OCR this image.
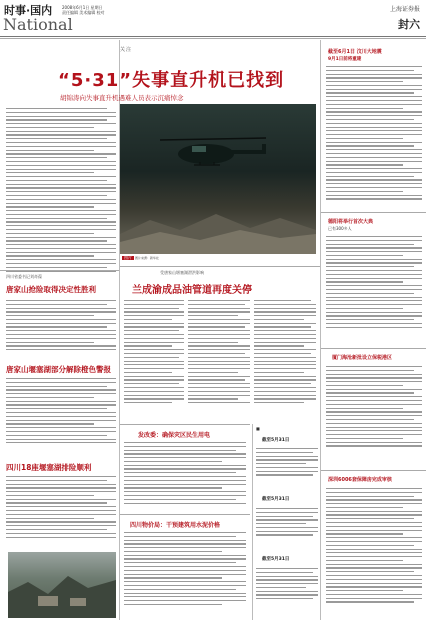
时事·国内
National
2008年6月1日 星期日
责任编辑 美术编辑 校对	上海证券报
封六
关注
“5·31”失事直升机已找到
胡锦涛向失事直升机遇难人员表示沉痛悼念
图片 图片来源：新华社
四川省委书记刘奇葆
唐家山抢险取得决定性胜利
唐家山堰塞湖部分解除橙色警报
四川18座堰塞湖排险顺利
受唐家山堰塞湖泄洪影响
兰成渝成品油管道再度关停
发改委：确保灾区民生用电
四川物价局：干预建筑用水泥价格
■
截至5月31日
截至5月31日
截至5月31日
截至6月1日 汶川大地震
9月1日前将重建
德阳将举行首次大典
已有300多人
厦门海沧新批设立保税港区
深圳6006套保障房完成审核
